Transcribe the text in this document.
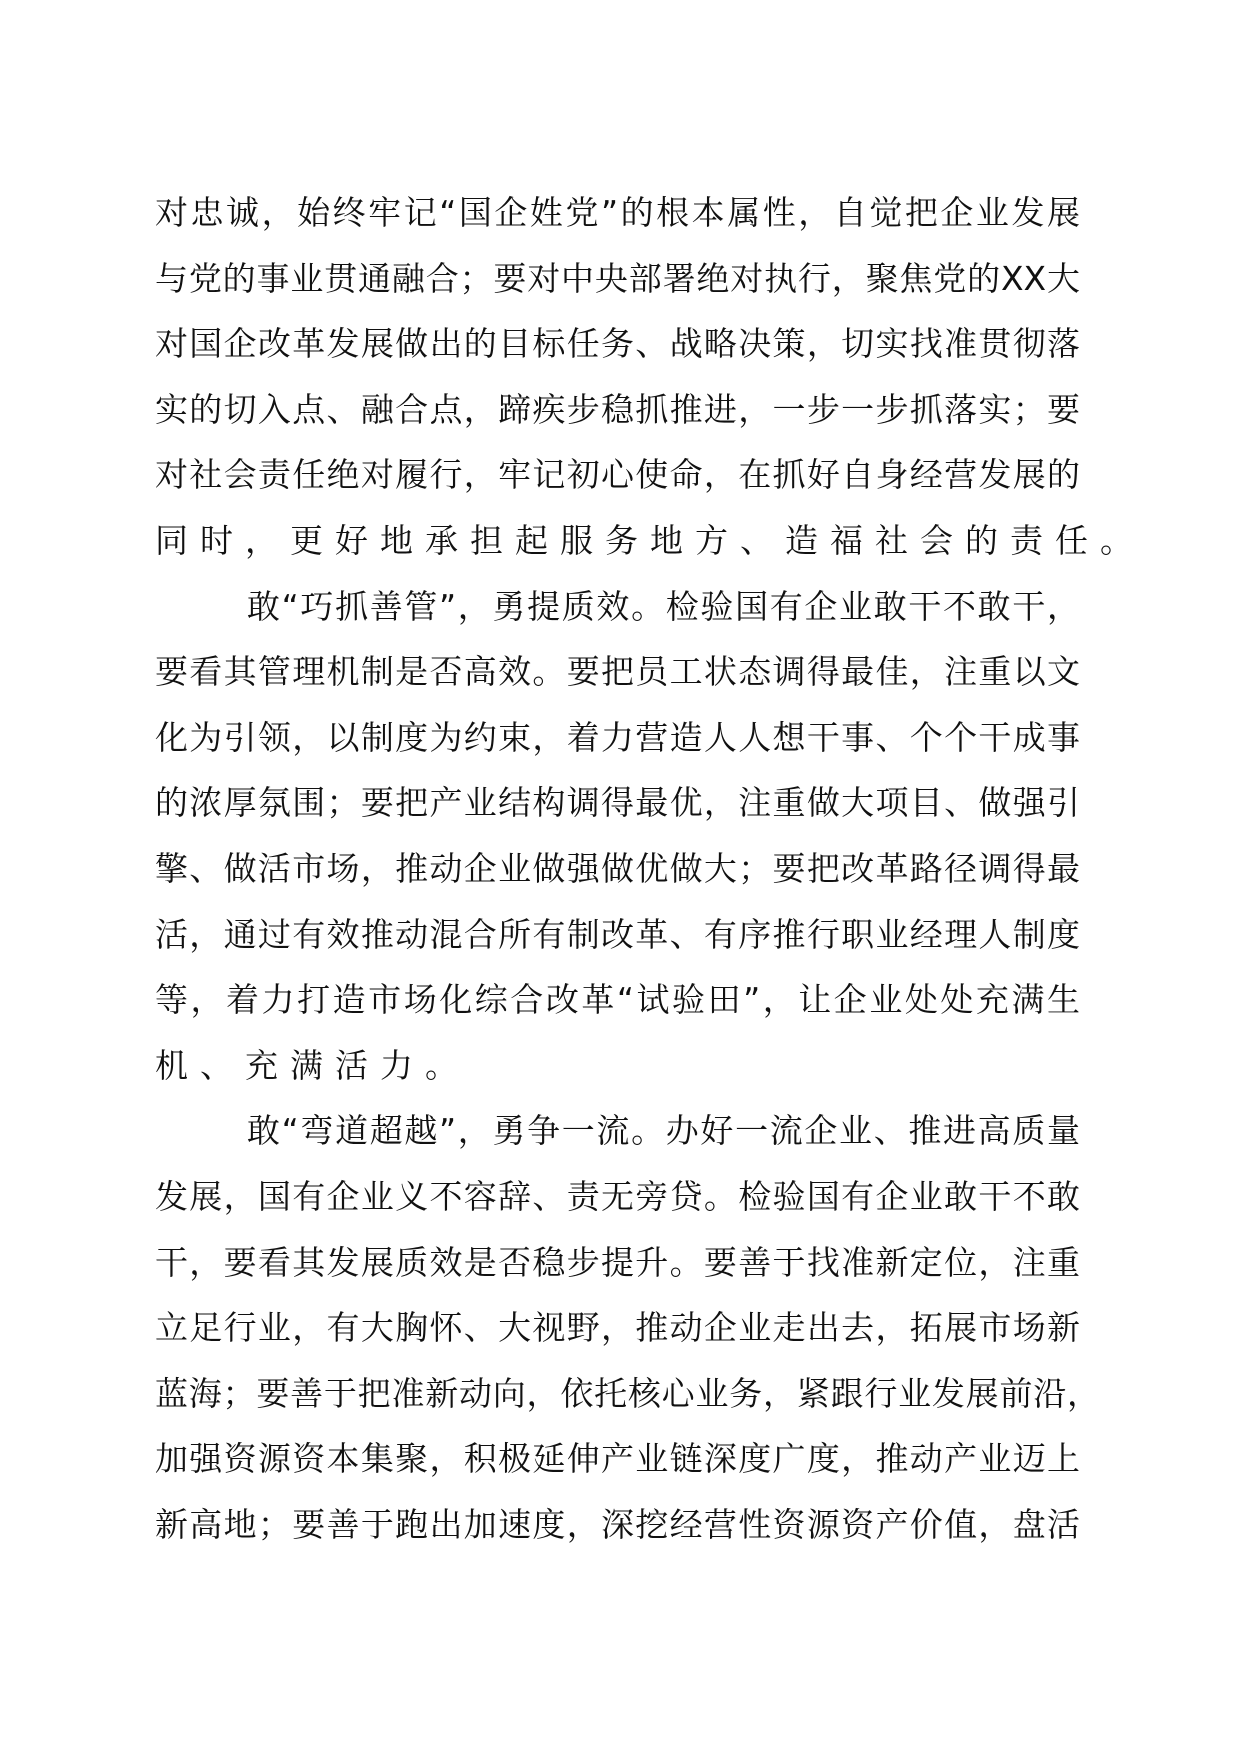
对忠诚，始终牢记“国企姓党”的根本属性，自觉把企业发展
与党的事业贯通融合；要对中央部署绝对执行，聚焦党的XX大
对国企改革发展做出的目标任务、战略决策，切实找准贯彻落
实的切入点、融合点，蹄疾步稳抓推进，一步一步抓落实；要
对社会责任绝对履行，牢记初心使命，在抓好自身经营发展的
同时，更好地承担起服务地方、造福社会的责任。
敢“巧抓善管”，勇提质效。检验国有企业敢干不敢干，
要看其管理机制是否高效。要把员工状态调得最佳，注重以文
化为引领，以制度为约束，着力营造人人想干事、个个干成事
的浓厚氛围；要把产业结构调得最优，注重做大项目、做强引
擎、做活市场，推动企业做强做优做大；要把改革路径调得最
活，通过有效推动混合所有制改革、有序推行职业经理人制度
等，着力打造市场化综合改革“试验田”，让企业处处充满生
机、充满活力。
敢“弯道超越”，勇争一流。办好一流企业、推进高质量
发展，国有企业义不容辞、责无旁贷。检验国有企业敢干不敢
干，要看其发展质效是否稳步提升。要善于找准新定位，注重
立足行业，有大胸怀、大视野，推动企业走出去，拓展市场新
蓝海；要善于把准新动向，依托核心业务，紧跟行业发展前沿，
加强资源资本集聚，积极延伸产业链深度广度，推动产业迈上
新高地；要善于跑出加速度，深挖经营性资源资产价值，盘活
